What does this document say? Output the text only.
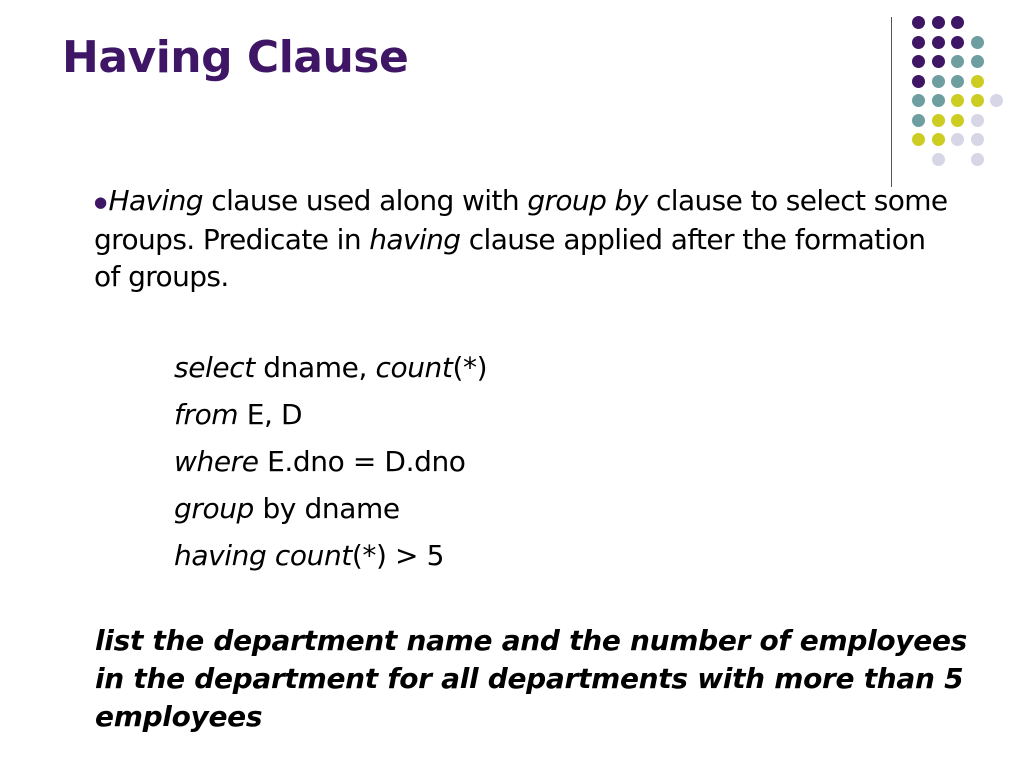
Having Clause
●Having clause used along with group by clause to select some groups. Predicate in having clause applied after the formation of groups.
select dname, count(*)
from E, D
where E.dno = D.dno
group by dname
having count(*) > 5
list the department name and the number of employees in the department for all departments with more than 5 employees
